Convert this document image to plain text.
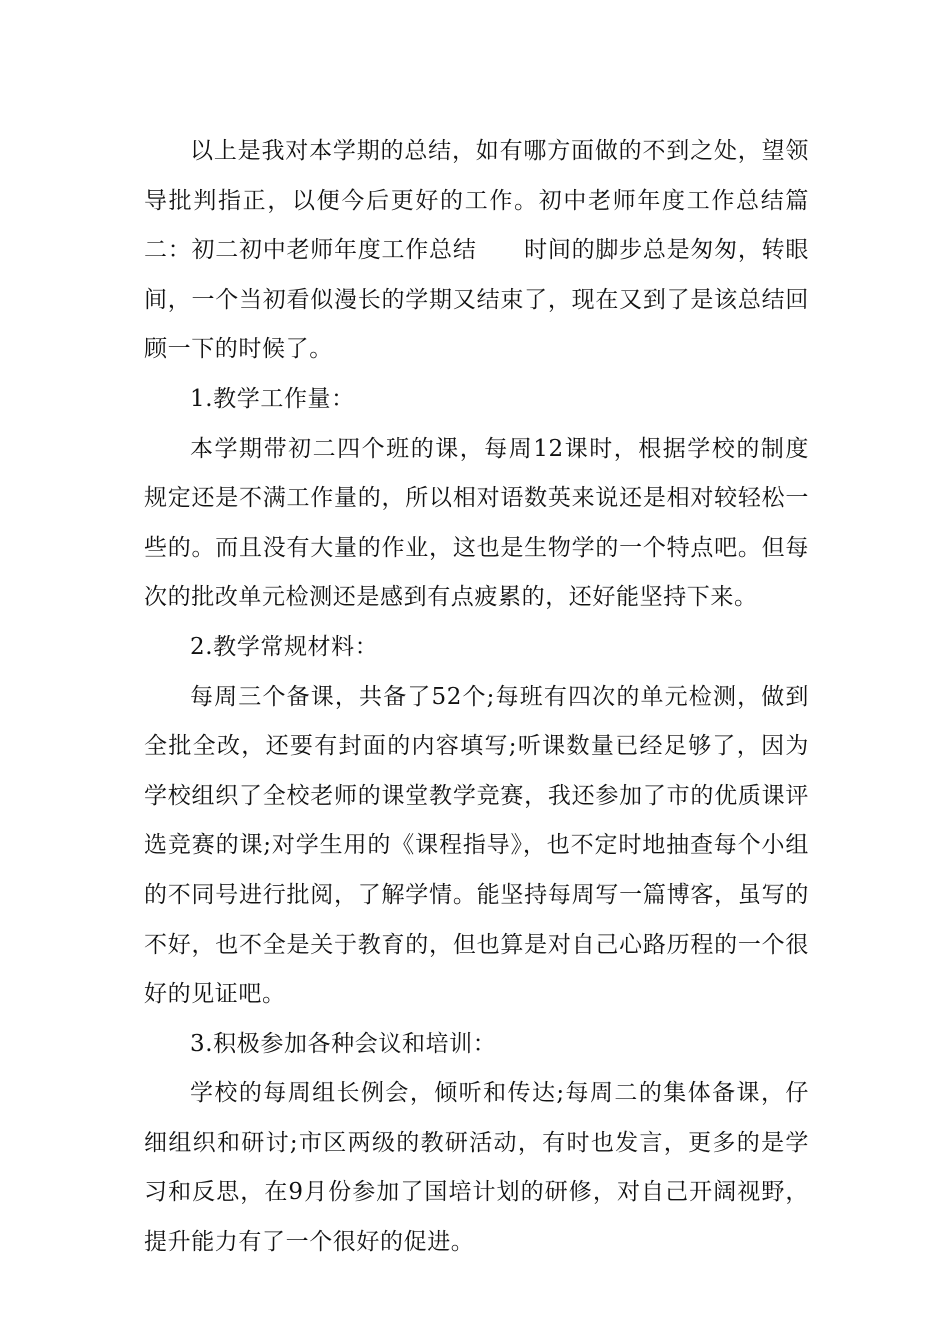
以上是我对本学期的总结，如有哪方面做的不到之处，望领导批判指正，以便今后更好的工作。初中老师年度工作总结篇二：初二初中老师年度工作总结　　时间的脚步总是匆匆，转眼间，一个当初看似漫长的学期又结束了，现在又到了是该总结回顾一下的时候了。

1.教学工作量：

本学期带初二四个班的课，每周12课时，根据学校的制度规定还是不满工作量的，所以相对语数英来说还是相对较轻松一些的。而且没有大量的作业，这也是生物学的一个特点吧。但每次的批改单元检测还是感到有点疲累的，还好能坚持下来。

2.教学常规材料：

每周三个备课，共备了52个;每班有四次的单元检测，做到全批全改，还要有封面的内容填写;听课数量已经足够了，因为学校组织了全校老师的课堂教学竞赛，我还参加了市的优质课评选竞赛的课;对学生用的《课程指导》，也不定时地抽查每个小组的不同号进行批阅，了解学情。能坚持每周写一篇博客，虽写的不好，也不全是关于教育的，但也算是对自己心路历程的一个很好的见证吧。

3.积极参加各种会议和培训：

学校的每周组长例会，倾听和传达;每周二的集体备课，仔细组织和研讨;市区两级的教研活动，有时也发言，更多的是学习和反思，在9月份参加了国培计划的研修，对自己开阔视野，提升能力有了一个很好的促进。
